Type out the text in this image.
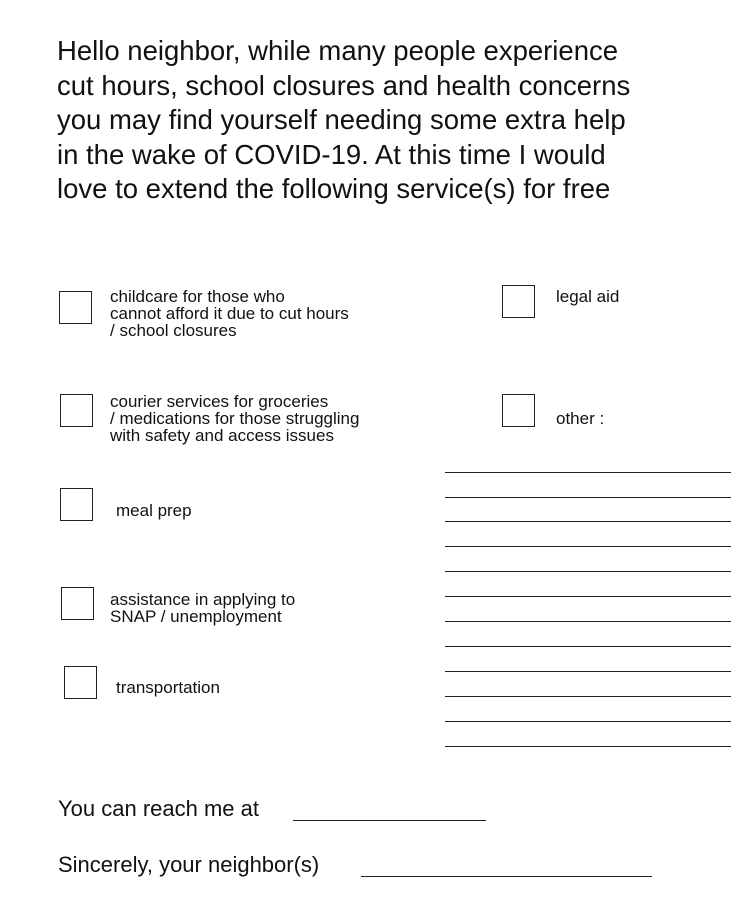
Hello neighbor, while many people experience
cut hours, school closures and health concerns
you may find yourself needing some extra help
in the wake of COVID-19. At this time I would
love to extend the following service(s) for free
childcare for those who
cannot afford it due to cut hours
/ school closures
courier services for groceries
/ medications for those struggling
with safety and access issues
meal prep
assistance in applying to
SNAP / unemployment
transportation
legal aid
other :
You can reach me at
Sincerely, your neighbor(s)
